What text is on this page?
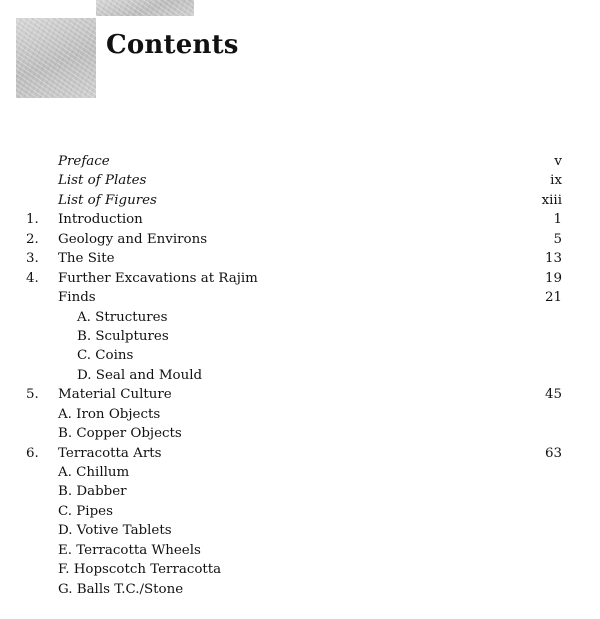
Contents
Preface	v
List of Plates	ix
List of Figures	xiii
1.	Introduction	1
2.	Geology and Environs	5
3.	The Site	13
4.	Further Excavations at Rajim	19
Finds	21
A. Structures
B. Sculptures
C. Coins
D. Seal and Mould
5.	Material Culture	45
A. Iron Objects
B. Copper Objects
6.	Terracotta Arts	63
A. Chillum
B. Dabber
C. Pipes
D. Votive Tablets
E. Terracotta Wheels
F. Hopscotch Terracotta
G. Balls T.C./Stone
